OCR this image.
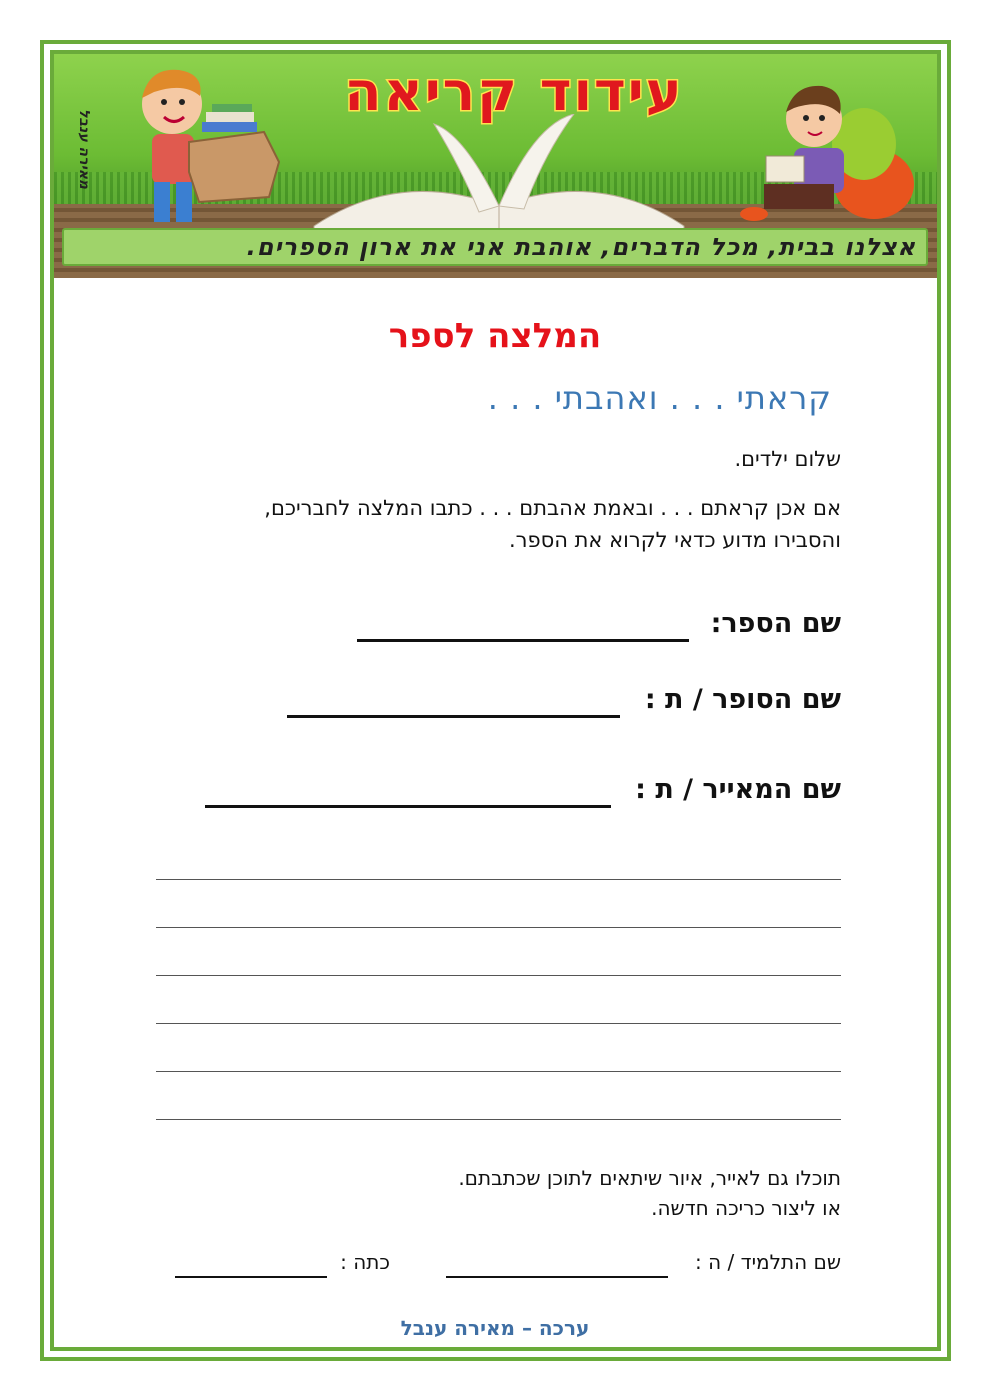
עידוד קריאה
מאירה ענבל
אצלנו בבית, מכל הדברים, אוהבת אני את ארון הספרים.
המלצה לספר
קראתי . . . ואהבתי . . .
שלום ילדים.
אם אכן קראתם . . . ובאמת אהבתם . . . כתבו המלצה לחבריכם,
והסבירו מדוע כדאי לקרוא את הספר.
שם הספר:
שם הסופר / ת :
שם המאייר / ת :
תוכלו גם לאייר, איור שיתאים לתוכן שכתבתם.
או ליצור כריכה חדשה.
שם התלמיד / ה :
כתה :
ערכה – מאירה ענבל
